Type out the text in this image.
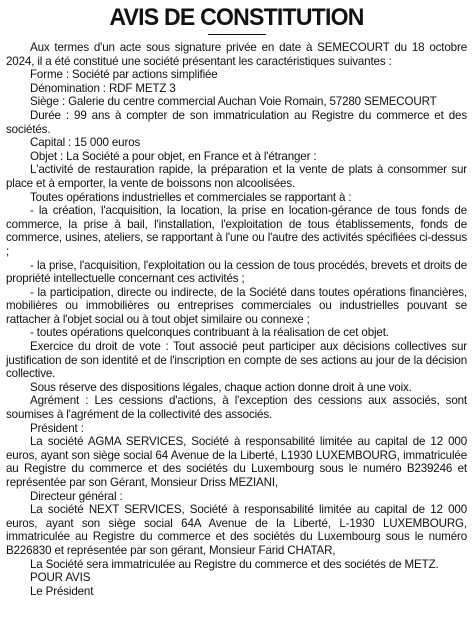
AVIS DE CONSTITUTION

Aux termes d'un acte sous signature privée en date à SEMECOURT du 18 octobre 2024, il a été constitué une société présentant les caractéristiques suivantes :

Forme : Société par actions simplifiée

Dénomination : RDF METZ 3

Siège : Galerie du centre commercial Auchan Voie Romain, 57280 SEMECOURT

Durée : 99 ans à compter de son immatriculation au Registre du commerce et des sociétés.

Capital : 15 000 euros

Objet : La Société a pour objet, en France et à l'étranger :

L'activité de restauration rapide, la préparation et la vente de plats à consommer sur place et à emporter, la vente de boissons non alcoolisées.

Toutes opérations industrielles et commerciales se rapportant à :

- la création, l'acquisition, la location, la prise en location-gérance de tous fonds de commerce, la prise à bail, l'installation, l'exploitation de tous établissements, fonds de commerce, usines, ateliers, se rapportant à l'une ou l'autre des activités spécifiées ci-dessus ;

- la prise, l'acquisition, l'exploitation ou la cession de tous procédés, brevets et droits de propriété intellectuelle concernant ces activités ;

- la participation, directe ou indirecte, de la Société dans toutes opérations financières, mobilières ou immobilières ou entreprises commerciales ou industrielles pouvant se rattacher à l'objet social ou à tout objet similaire ou connexe ;

- toutes opérations quelconques contribuant à la réalisation de cet objet.

Exercice du droit de vote : Tout associé peut participer aux décisions collectives sur justification de son identité et de l'inscription en compte de ses actions au jour de la décision collective.

Sous réserve des dispositions légales, chaque action donne droit à une voix.

Agrément : Les cessions d'actions, à l'exception des cessions aux associés, sont soumises à l'agrément de la collectivité des associés.

Président :

La société AGMA SERVICES, Société à responsabilité limitée au capital de 12 000 euros, ayant son siège social 64 Avenue de la Liberté, L1930 LUXEMBOURG, immatriculée au Registre du commerce et des sociétés du Luxembourg sous le numéro B239246 et représentée par son Gérant, Monsieur Driss MEZIANI,

Directeur général :

La société NEXT SERVICES, Société à responsabilité limitée au capital de 12 000 euros, ayant son siège social 64A Avenue de la Liberté, L-1930 LUXEMBOURG, immatriculée au Registre du commerce et des sociétés du Luxembourg sous le numéro B226830 et représentée par son gérant, Monsieur Farid CHATAR,

La Société sera immatriculée au Registre du commerce et des sociétés de METZ.

POUR AVIS

Le Président
